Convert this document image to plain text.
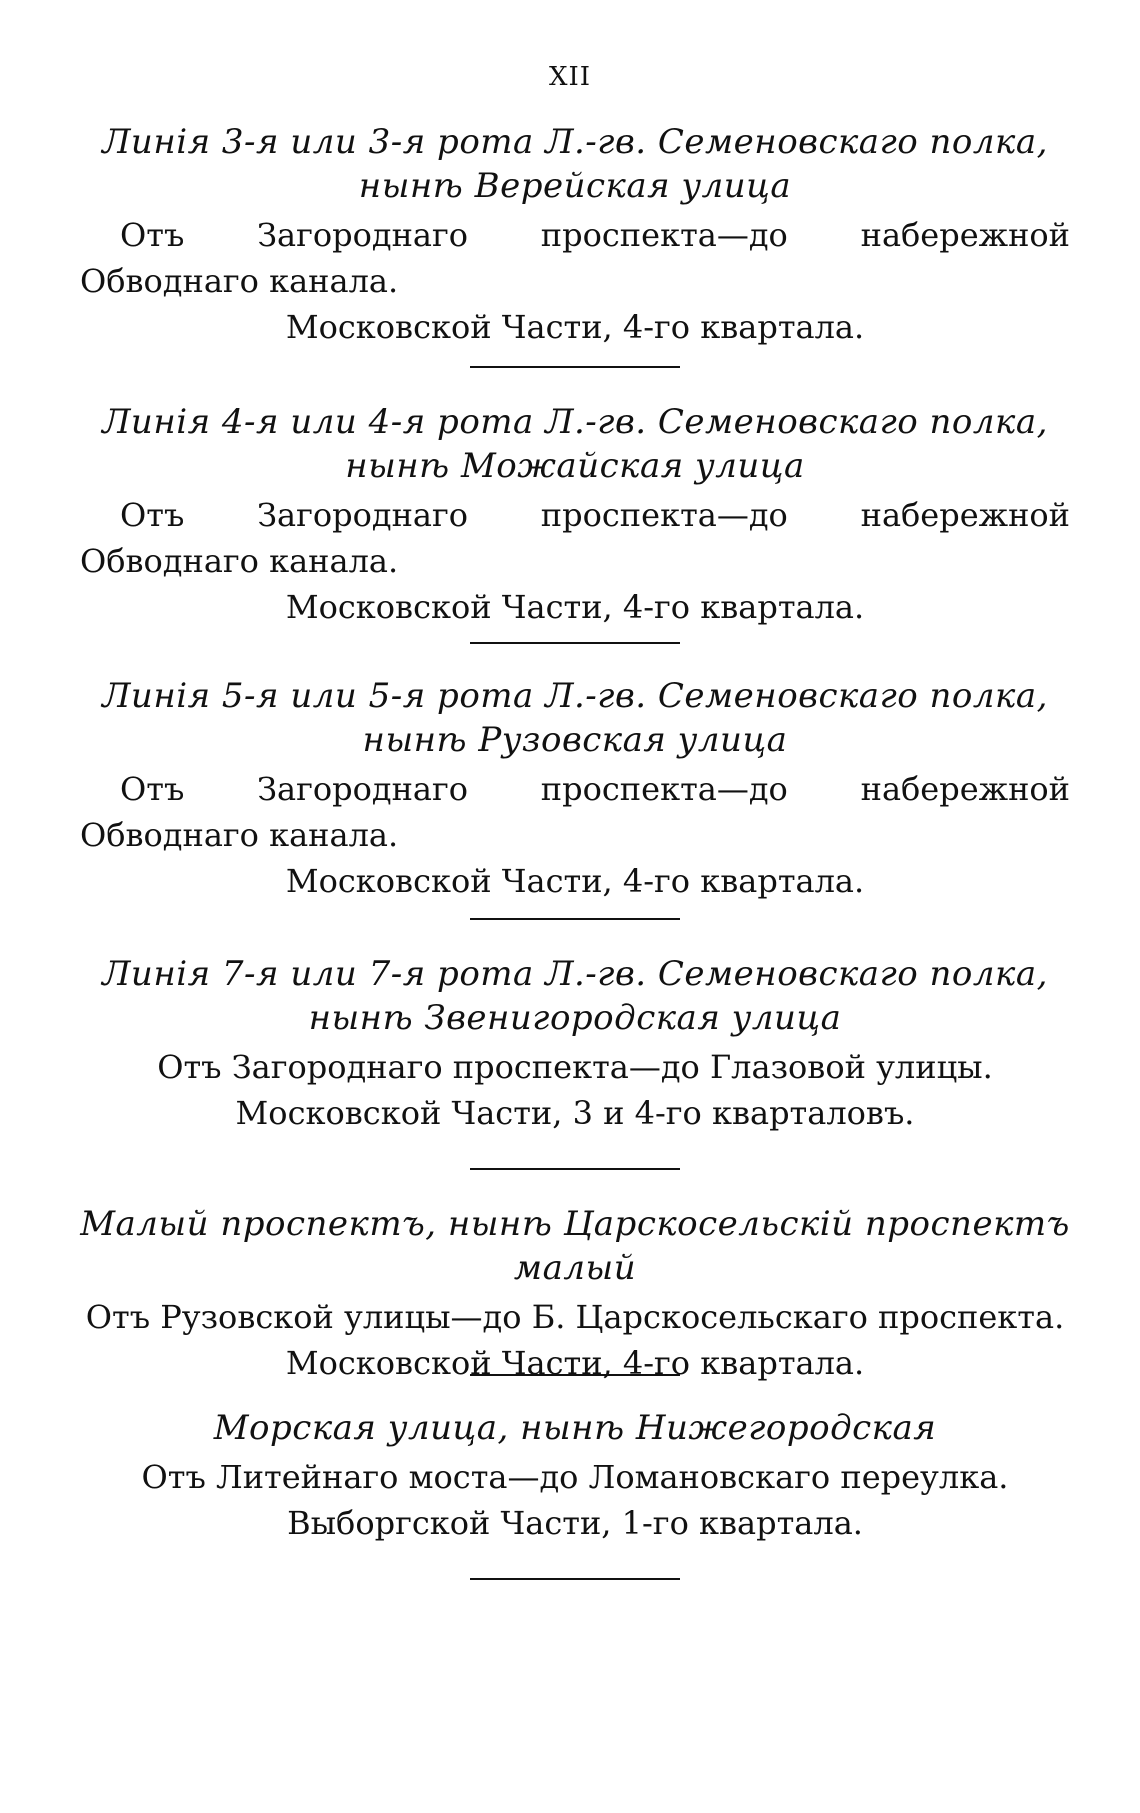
XII
Линія 3-я или 3-я рота Л.-гв. Семеновскаго полка,
нынѣ Верейская улица
Отъ Загороднаго проспекта—до набережной Обводнаго канала.
Московской Части, 4-го квартала.
Линія 4-я или 4-я рота Л.-гв. Семеновскаго полка,
нынѣ Можайская улица
Отъ Загороднаго проспекта—до набережной Обводнаго канала.
Московской Части, 4-го квартала.
Линія 5-я или 5-я рота Л.-гв. Семеновскаго полка,
нынѣ Рузовская улица
Отъ Загороднаго проспекта—до набережной Обводнаго канала.
Московской Части, 4-го квартала.
Линія 7-я или 7-я рота Л.-гв. Семеновскаго полка,
нынѣ Звенигородская улица
Отъ Загороднаго проспекта—до Глазовой улицы.
Московской Части, 3 и 4-го кварталовъ.
Малый проспектъ, нынѣ Царскосельскій проспектъ малый
Отъ Рузовской улицы—до Б. Царскосельскаго проспекта.
Московской Части, 4-го квартала.
Морская улица, нынѣ Нижегородская
Отъ Литейнаго моста—до Ломановскаго переулка.
Выборгской Части, 1-го квартала.
